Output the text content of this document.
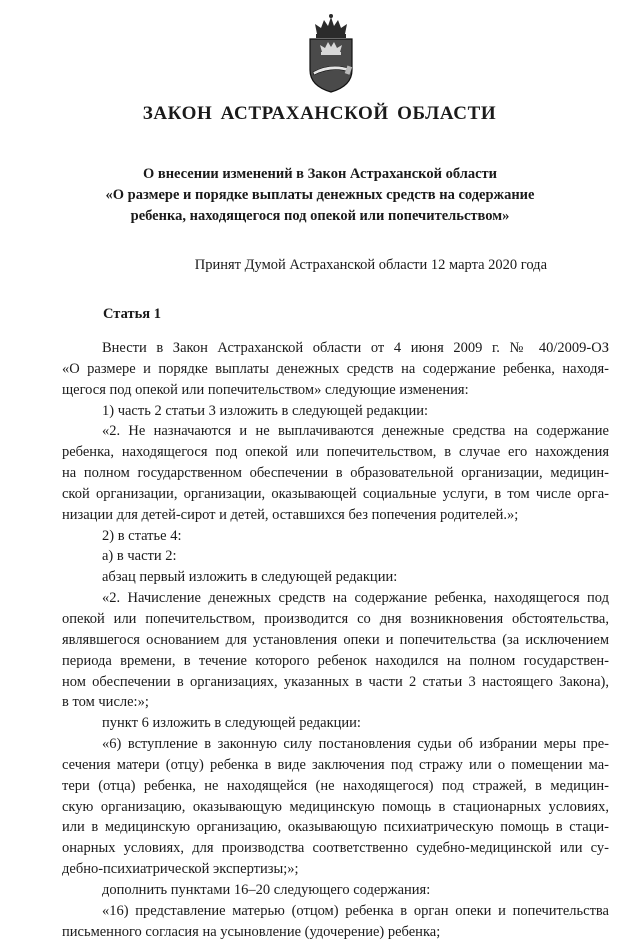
ЗАКОН АСТРАХАНСКОЙ ОБЛАСТИ
О внесении изменений в Закон Астраханской области
«О размере и порядке выплаты денежных средств на содержание
ребенка, находящегося под опекой или попечительством»
Принят Думой Астраханской области 12 марта 2020 года
Статья 1
Внести в Закон Астраханской области от 4 июня 2009 г. № 40/2009-ОЗ
«О размере и порядке выплаты денежных средств на содержание ребенка, находя-
щегося под опекой или попечительством» следующие изменения:
1) часть 2 статьи 3 изложить в следующей редакции:
«2. Не назначаются и не выплачиваются денежные средства на содержание
ребенка, находящегося под опекой или попечительством, в случае его нахождения
на полном государственном обеспечении в образовательной организации, медицин-
ской организации, организации, оказывающей социальные услуги, в том числе орга-
низации для детей-сирот и детей, оставшихся без попечения родителей.»;
2) в статье 4:
а) в части 2:
абзац первый изложить в следующей редакции:
«2. Начисление денежных средств на содержание ребенка, находящегося под
опекой или попечительством, производится со дня возникновения обстоятельства,
являвшегося основанием для установления опеки и попечительства (за исключением
периода времени, в течение которого ребенок находился на полном государствен-
ном обеспечении в организациях, указанных в части 2 статьи 3 настоящего Закона),
в том числе:»;
пункт 6 изложить в следующей редакции:
«6) вступление в законную силу постановления судьи об избрании меры пре-
сечения матери (отцу) ребенка в виде заключения под стражу или о помещении ма-
тери (отца) ребенка, не находящейся (не находящегося) под стражей, в медицин-
скую организацию, оказывающую медицинскую помощь в стационарных условиях,
или в медицинскую организацию, оказывающую психиатрическую помощь в стаци-
онарных условиях, для производства соответственно судебно-медицинской или су-
дебно-психиатрической экспертизы;»;
дополнить пунктами 16–20 следующего содержания:
«16) представление матерью (отцом) ребенка в орган опеки и попечительства
письменного согласия на усыновление (удочерение) ребенка;
